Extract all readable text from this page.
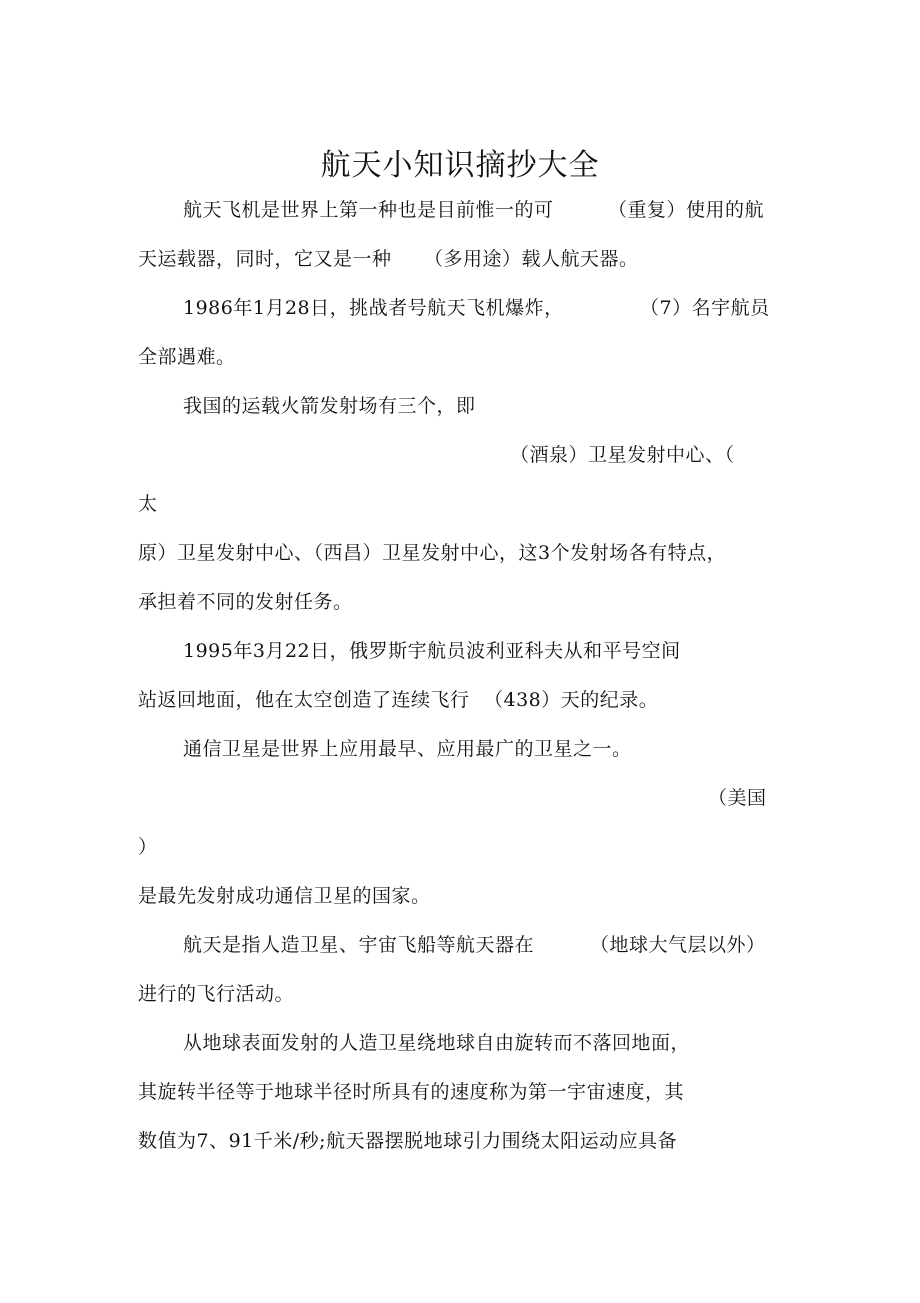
航天小知识摘抄大全
航天飞机是世界上第一种也是目前惟一的可	（重复）使用的航
天运载器，同时，它又是一种 （多用途）载人航天器。
1986年1月28日，挑战者号航天飞机爆炸，	（7）名宇航员
全部遇难。
我国的运载火箭发射场有三个，即
（酒泉）卫星发射中心、（
太
原）卫星发射中心、（西昌）卫星发射中心，这3个发射场各有特点，
承担着不同的发射任务。
1995年3月22日，俄罗斯宇航员波利亚科夫从和平号空间
站返回地面，他在太空创造了连续飞行 （438）天的纪录。
通信卫星是世界上应用最早、应用最广的卫星之一。
（美国
）
是最先发射成功通信卫星的国家。
航天是指人造卫星、宇宙飞船等航天器在	（地球大气层以外）
进行的飞行活动。
从地球表面发射的人造卫星绕地球自由旋转而不落回地面，
其旋转半径等于地球半径时所具有的速度称为第一宇宙速度，其
数值为7、91千米/秒;航天器摆脱地球引力围绕太阳运动应具备
